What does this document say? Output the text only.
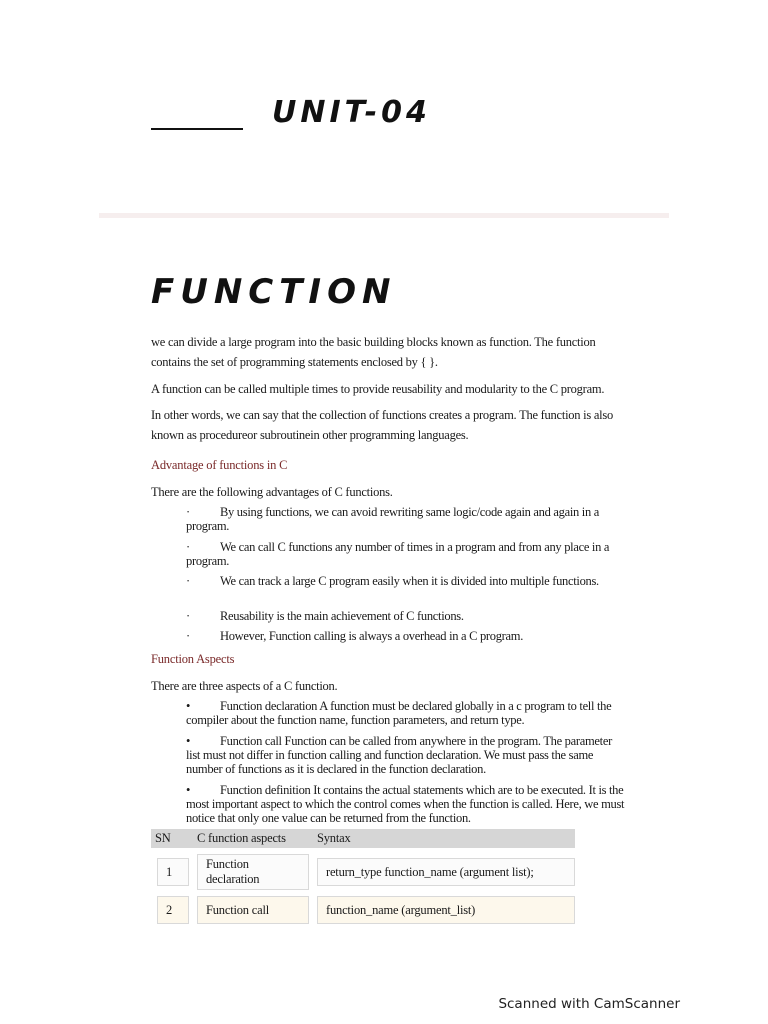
UNIT-04
FUNCTION
we can divide a large program into the basic building blocks known as function. The function contains the set of programming statements enclosed by { }.
A function can be called multiple times to provide reusability and modularity to the C program.
In other words, we can say that the collection of functions creates a program. The function is also known as procedureor subroutinein other programming languages.
Advantage of functions in C
There are the following advantages of C functions.
· By using functions, we can avoid rewriting same logic/code again and again in a program.
· We can call C functions any number of times in a program and from any place in a program.
· We can track a large C program easily when it is divided into multiple functions.
· Reusability is the main achievement of C functions.
· However, Function calling is always a overhead in a C program.
Function Aspects
There are three aspects of a C function.
• Function declaration A function must be declared globally in a c program to tell the compiler about the function name, function parameters, and return type.
• Function call Function can be called from anywhere in the program. The parameter list must not differ in function calling and function declaration. We must pass the same number of functions as it is declared in the function declaration.
• Function definition It contains the actual statements which are to be executed. It is the most important aspect to which the control comes when the function is called. Here, we must notice that only one value can be returned from the function.
SN	C function aspects	Syntax

1	Function declaration	return_type function_name (argument list);

2	Function call	function_name (argument_list)
Scanned with CamScanner
